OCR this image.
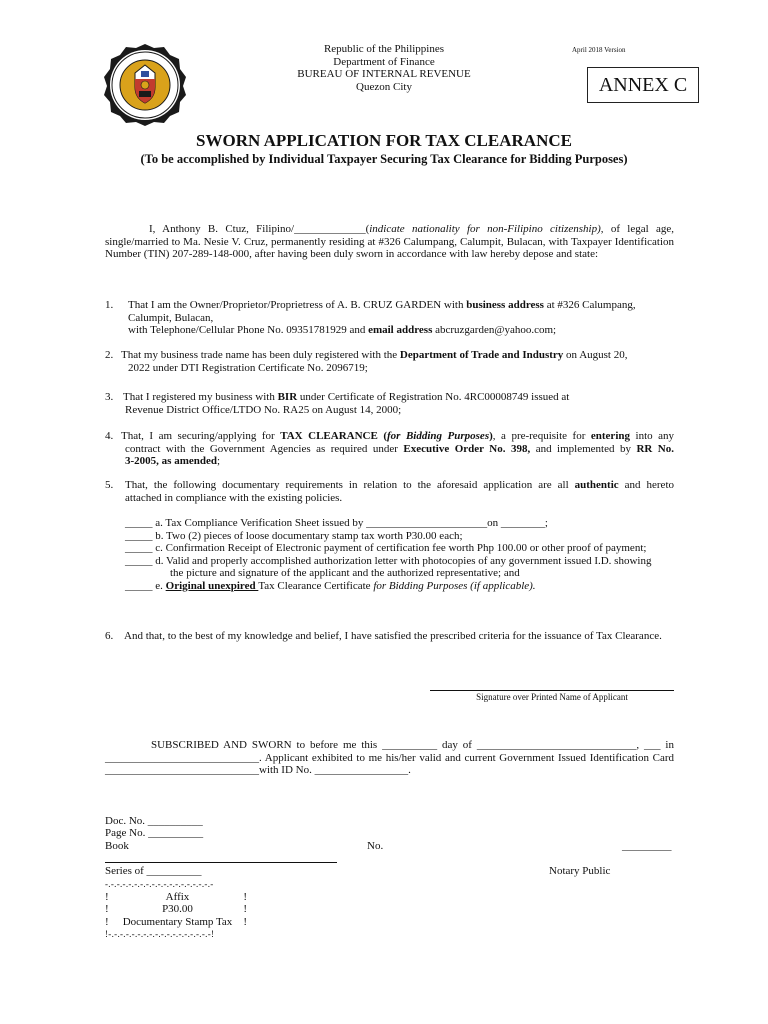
Republic of the Philippines
Department of Finance
BUREAU OF INTERNAL REVENUE
Quezon City
April 2018 Version
ANNEX C
SWORN APPLICATION FOR TAX CLEARANCE
(To be accomplished by Individual Taxpayer Securing Tax Clearance for Bidding Purposes)
I, Anthony B. Ctuz, Filipino/_____________(indicate nationality for non-Filipino citizenship), of legal age, single/married to Ma. Nesie V. Cruz, permanently residing at #326 Calumpang, Calumpit, Bulacan, with Taxpayer Identification Number (TIN) 207-289-148-000, after having been duly sworn in accordance with law hereby depose and state:
1. That I am the Owner/Proprietor/Proprietress of A. B. CRUZ GARDEN with business address at #326 Calumpang,
Calumpit, Bulacan,
with Telephone/Cellular Phone No. 09351781929 and email address abcruzgarden@yahoo.com;
2. That my business trade name has been duly registered with the Department of Trade and Industry on August 20,
2022 under DTI Registration Certificate No. 2096719;
3. That I registered my business with BIR under Certificate of Registration No. 4RC00008749 issued at
Revenue District Office/LTDO No. RA25 on August 14, 2000;
4. That, I am securing/applying for TAX CLEARANCE (for Bidding Purposes), a pre-requisite for entering into any
contract with the Government Agencies as required under Executive Order No. 398, and implemented by RR No.
3-2005, as amended;
5. That, the following documentary requirements in relation to the aforesaid application are all authentic and hereto
attached in compliance with the existing policies.
_____ a. Tax Compliance Verification Sheet issued by ______________________on ________;
_____ b. Two (2) pieces of loose documentary stamp tax worth P30.00 each;
_____ c. Confirmation Receipt of Electronic payment of certification fee worth Php 100.00 or other proof of payment;
_____ d. Valid and properly accomplished authorization letter with photocopies of any government issued I.D. showing
the picture and signature of the applicant and the authorized representative; and
_____ e. Original unexpired Tax Clearance Certificate for Bidding Purposes (if applicable).
6. And that, to the best of my knowledge and belief, I have satisfied the prescribed criteria for the issuance of Tax Clearance.
Signature over Printed Name of Applicant
SUBSCRIBED AND SWORN to before me this __________ day of _____________________________, ___ in ____________________________. Applicant exhibited to me his/her valid and current Government Issued Identification Card ____________________________with ID No. _________________.
Doc. No. __________
Page No. __________
Book	No.	_________
Series of __________	Notary Public
-.-.-.-.-.-.-.-.-.-.-.-.-.-.-.-.-.-.-
!	Affix	!
!	P30.00	!
! Documentary Stamp Tax !
!-.-.-.-.-.-.-.-.-.-.-.-.-.-.-.-.-.-!
